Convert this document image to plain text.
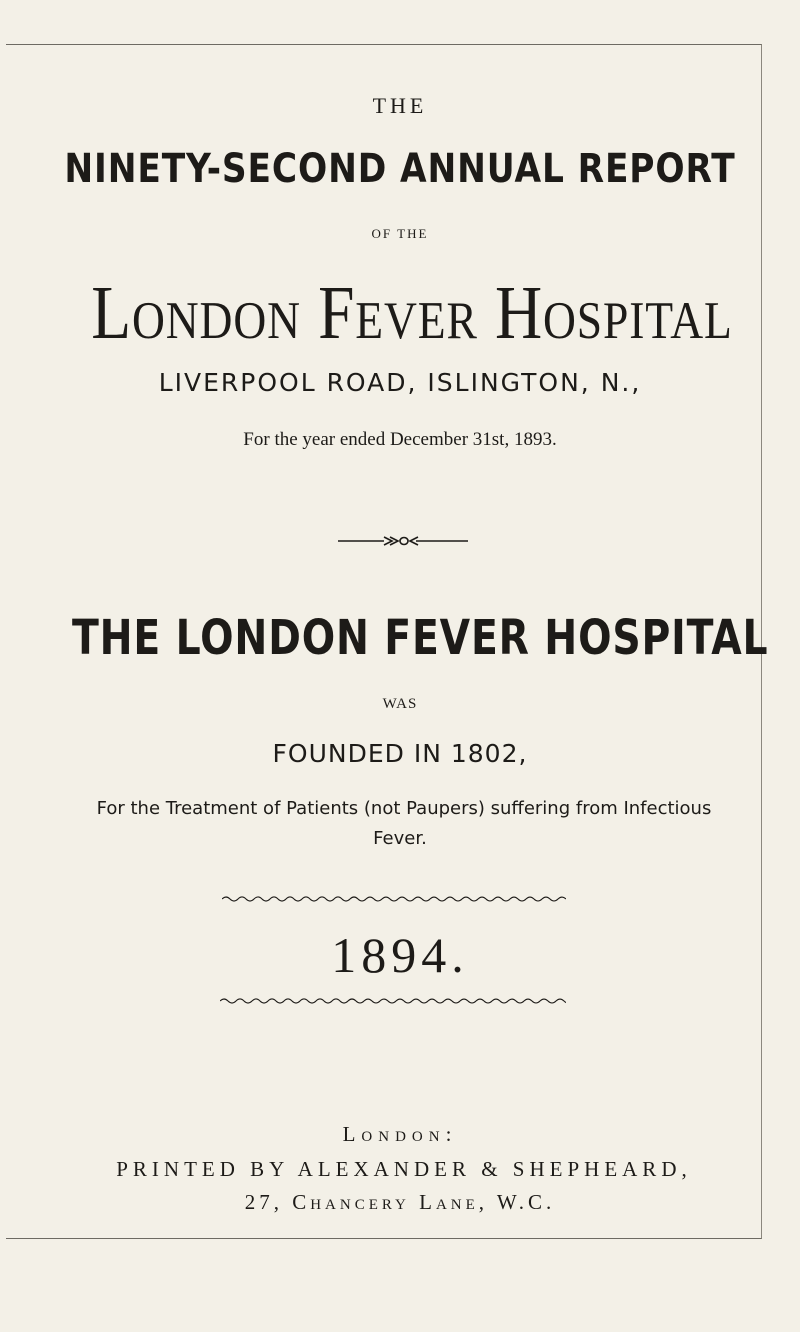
THE
NINETY-SECOND ANNUAL REPORT
OF THE
London Fever Hospital
LIVERPOOL ROAD, ISLINGTON, N.,
For the year ended December 31st, 1893.
THE LONDON FEVER HOSPITAL
WAS
FOUNDED IN 1802,
For the Treatment of Patients (not Paupers) suffering from Infectious
Fever.
1894.
London:
PRINTED BY ALEXANDER & SHEPHEARD,
27, Chancery Lane, W.C.
